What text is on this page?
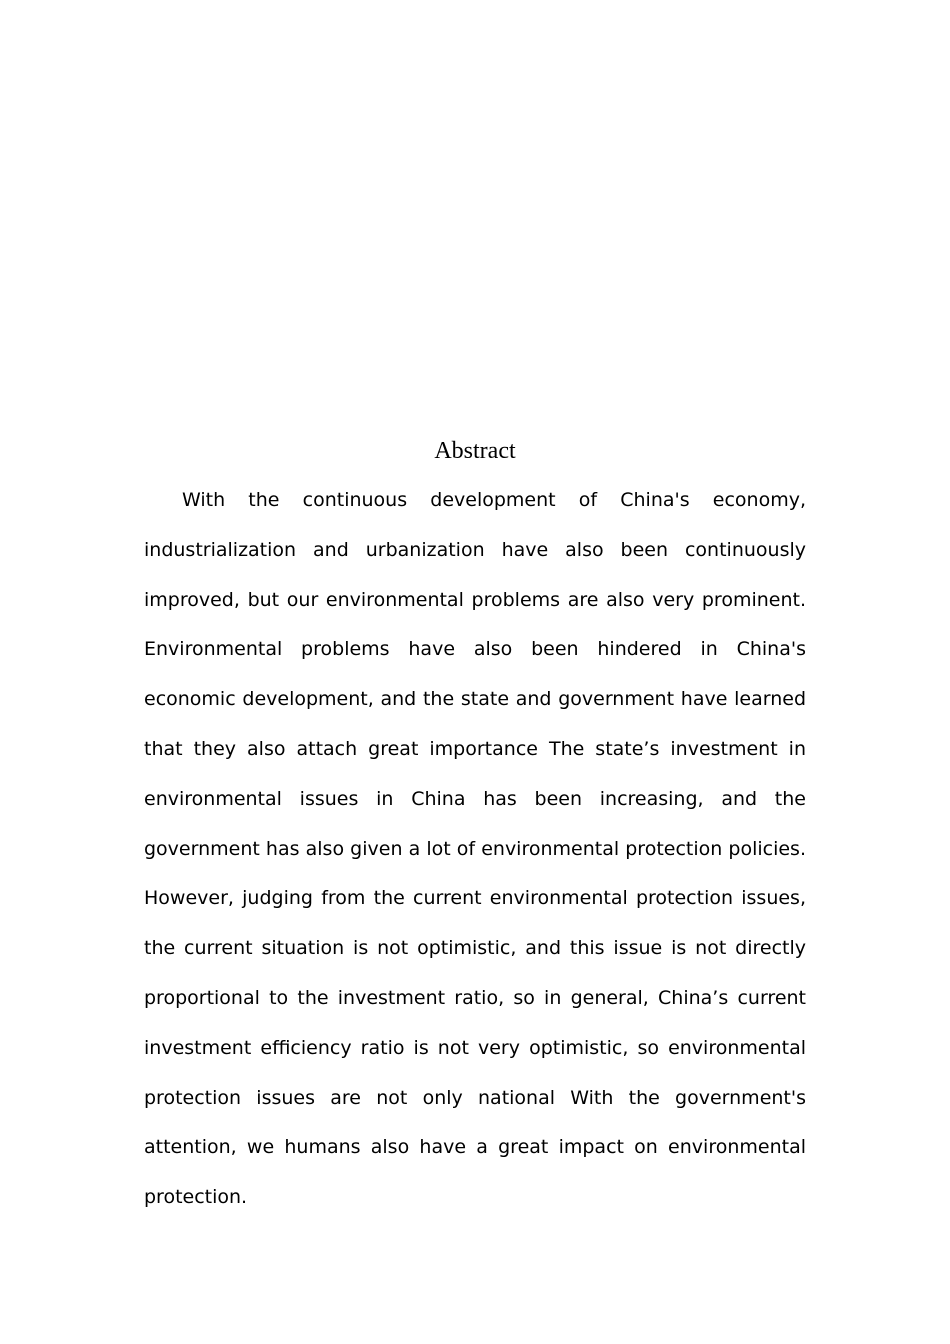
Abstract

With the continuous development of China's economy, industrialization and urbanization have also been continuously improved, but our environmental problems are also very prominent. Environmental problems have also been hindered in China's economic development, and the state and government have learned that they also attach great importance The state’s investment in environmental issues in China has been increasing, and the government has also given a lot of environmental protection policies. However, judging from the current environmental protection issues, the current situation is not optimistic, and this issue is not directly proportional to the investment ratio, so in general, China’s current investment efficiency ratio is not very optimistic, so environmental protection issues are not only national With the government's attention, we humans also have a great impact on environmental protection.
